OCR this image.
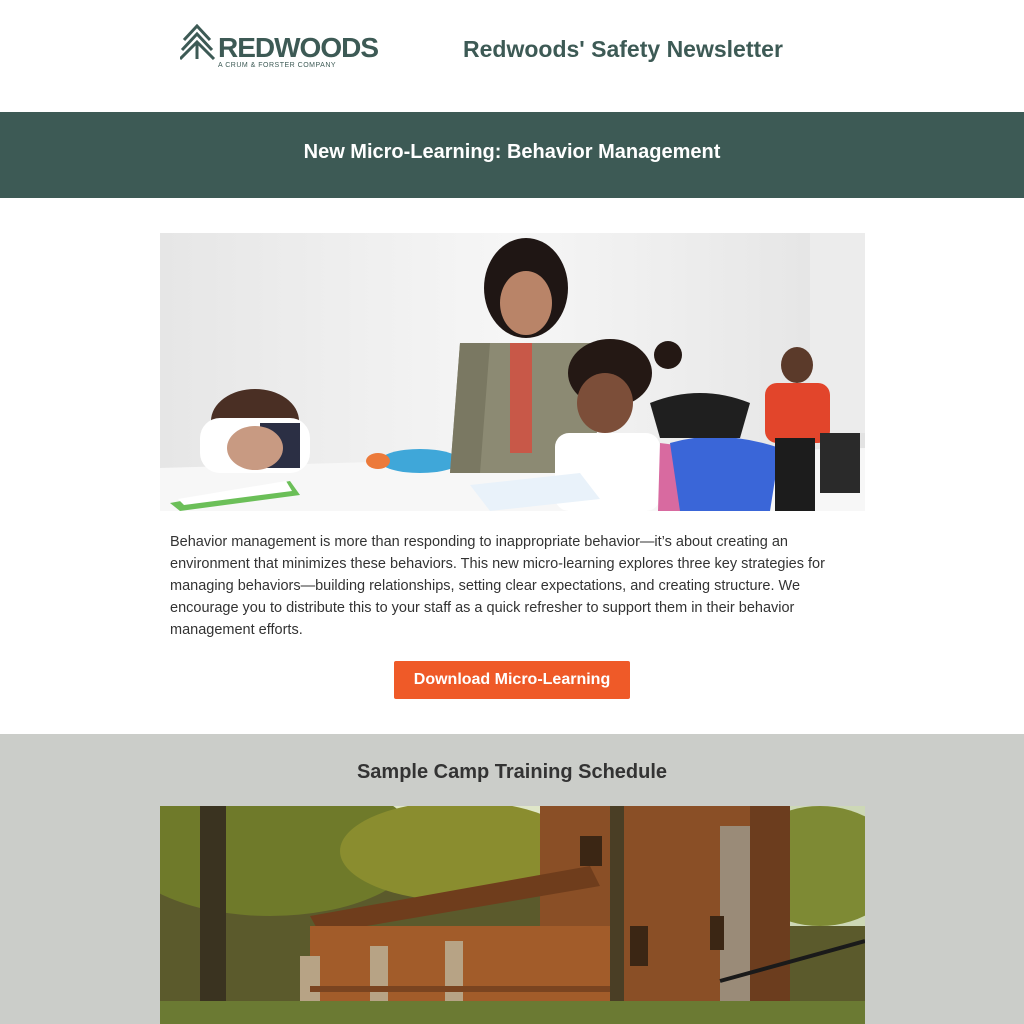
REDWOODS
A CRUM & FORSTER COMPANY
Redwoods' Safety Newsletter
New Micro-Learning: Behavior Management
Behavior management is more than responding to inappropriate behavior—it’s about creating an environment that minimizes these behaviors. This new micro-learning explores three key strategies for managing behaviors—building relationships, setting clear expectations, and creating structure. We encourage you to distribute this to your staff as a quick refresher to support them in their behavior management efforts.
Download Micro-Learning
Sample Camp Training Schedule
